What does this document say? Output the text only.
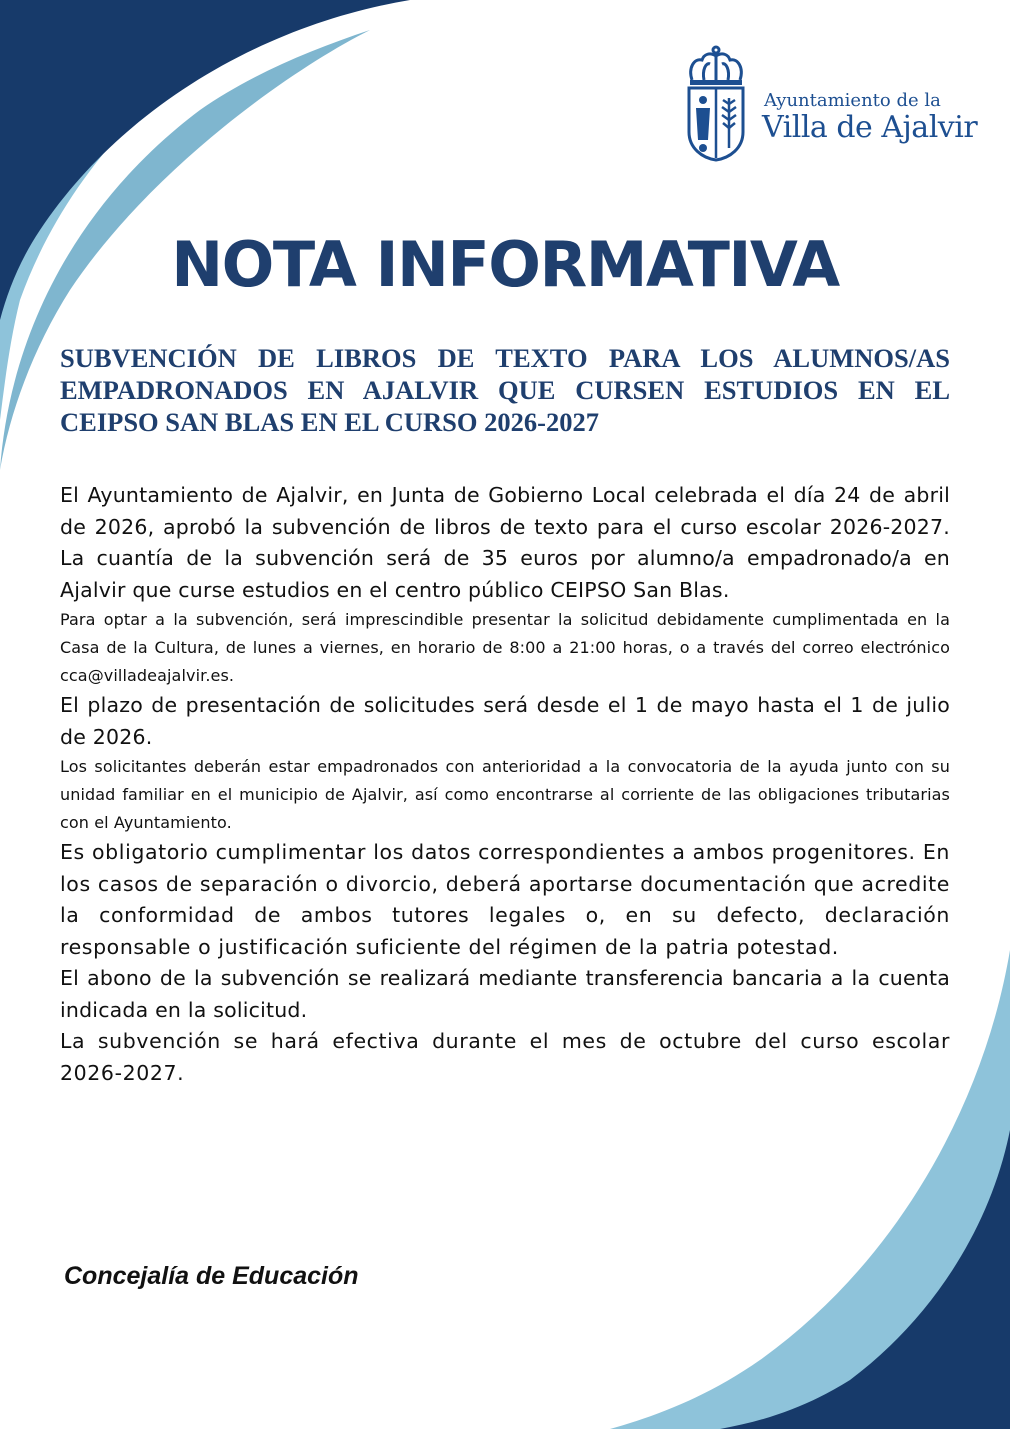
Ayuntamiento de la
Villa de Ajalvir
NOTA INFORMATIVA
SUBVENCIÓN DE LIBROS DE TEXTO PARA LOS ALUMNOS/AS EMPADRONADOS EN AJALVIR QUE CURSEN ESTUDIOS EN EL CEIPSO SAN BLAS EN EL CURSO 2026-2027

El Ayuntamiento de Ajalvir, en Junta de Gobierno Local celebrada el día 24 de abril de 2026, aprobó la subvención de libros de texto para el curso escolar 2026-2027. La cuantía de la subvención será de 35 euros por alumno/a empadronado/a en Ajalvir que curse estudios en el centro público CEIPSO San Blas.

Para optar a la subvención, será imprescindible presentar la solicitud debidamente cumplimentada en la Casa de la Cultura, de lunes a viernes, en horario de 8:00 a 21:00 horas, o a través del correo electrónico cca@villadeajalvir.es.

El plazo de presentación de solicitudes será desde el 1 de mayo hasta el 1 de julio de 2026.

Los solicitantes deberán estar empadronados con anterioridad a la convocatoria de la ayuda junto con su unidad familiar en el municipio de Ajalvir, así como encontrarse al corriente de las obligaciones tributarias con el Ayuntamiento.

Es obligatorio cumplimentar los datos correspondientes a ambos progenitores. En los casos de separación o divorcio, deberá aportarse documentación que acredite la conformidad de ambos tutores legales o, en su defecto, declaración responsable o justificación suficiente del régimen de la patria potestad.

El abono de la subvención se realizará mediante transferencia bancaria a la cuenta indicada en la solicitud.

La subvención se hará efectiva durante el mes de octubre del curso escolar 2026-2027.

Concejalía de Educación
